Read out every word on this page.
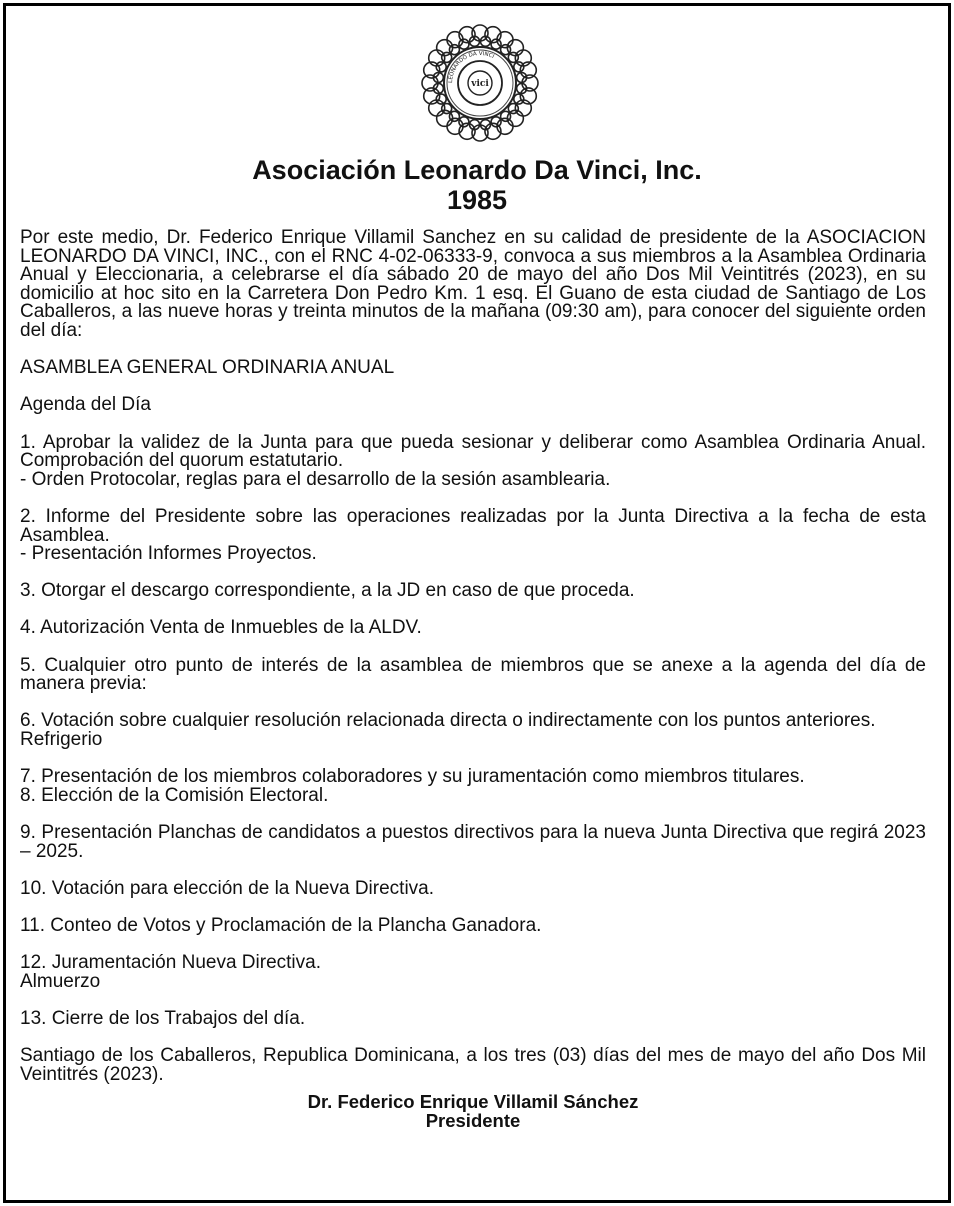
LEONARDO DA VINCI
vici
Asociación Leonardo Da Vinci, Inc.
1985

Por este medio, Dr. Federico Enrique Villamil Sanchez en su calidad de presidente de la ASOCIACION LEONARDO DA VINCI, INC., con el RNC 4-02-06333-9, convoca a sus miembros a la Asamblea Ordinaria Anual y Eleccionaria, a celebrarse el día sábado 20 de mayo del año Dos Mil Veintitrés (2023), en su domicilio at hoc sito en la Carretera Don Pedro Km. 1 esq. El Guano de esta ciudad de Santiago de Los Caballeros, a las nueve horas y treinta minutos de la mañana (09:30 am), para conocer del siguiente orden del día:

ASAMBLEA GENERAL ORDINARIA ANUAL

Agenda del Día

1. Aprobar la validez de la Junta para que pueda sesionar y deliberar como Asamblea Ordinaria Anual. Comprobación del quorum estatutario.

- Orden Protocolar, reglas para el desarrollo de la sesión asamblearia.

2. Informe del Presidente sobre las operaciones realizadas por la Junta Directiva a la fecha de esta Asamblea.

- Presentación Informes Proyectos.

3. Otorgar el descargo correspondiente, a la JD en caso de que proceda.

4. Autorización Venta de Inmuebles de la ALDV.

5. Cualquier otro punto de interés de la asamblea de miembros que se anexe a la agenda del día de manera previa:

6. Votación sobre cualquier resolución relacionada directa o indirectamente con los puntos anteriores.

Refrigerio

7. Presentación de los miembros colaboradores y su juramentación como miembros titulares.

8. Elección de la Comisión Electoral.

9. Presentación Planchas de candidatos a puestos directivos para la nueva Junta Directiva que regirá 2023 – 2025.

10. Votación para elección de la Nueva Directiva.

11. Conteo de Votos y Proclamación de la Plancha Ganadora.

12. Juramentación Nueva Directiva.

Almuerzo

13. Cierre de los Trabajos del día.

Santiago de los Caballeros, Republica Dominicana, a los tres (03) días del mes de mayo del año Dos Mil Veintitrés (2023).

Dr. Federico Enrique Villamil Sánchez

Presidente
